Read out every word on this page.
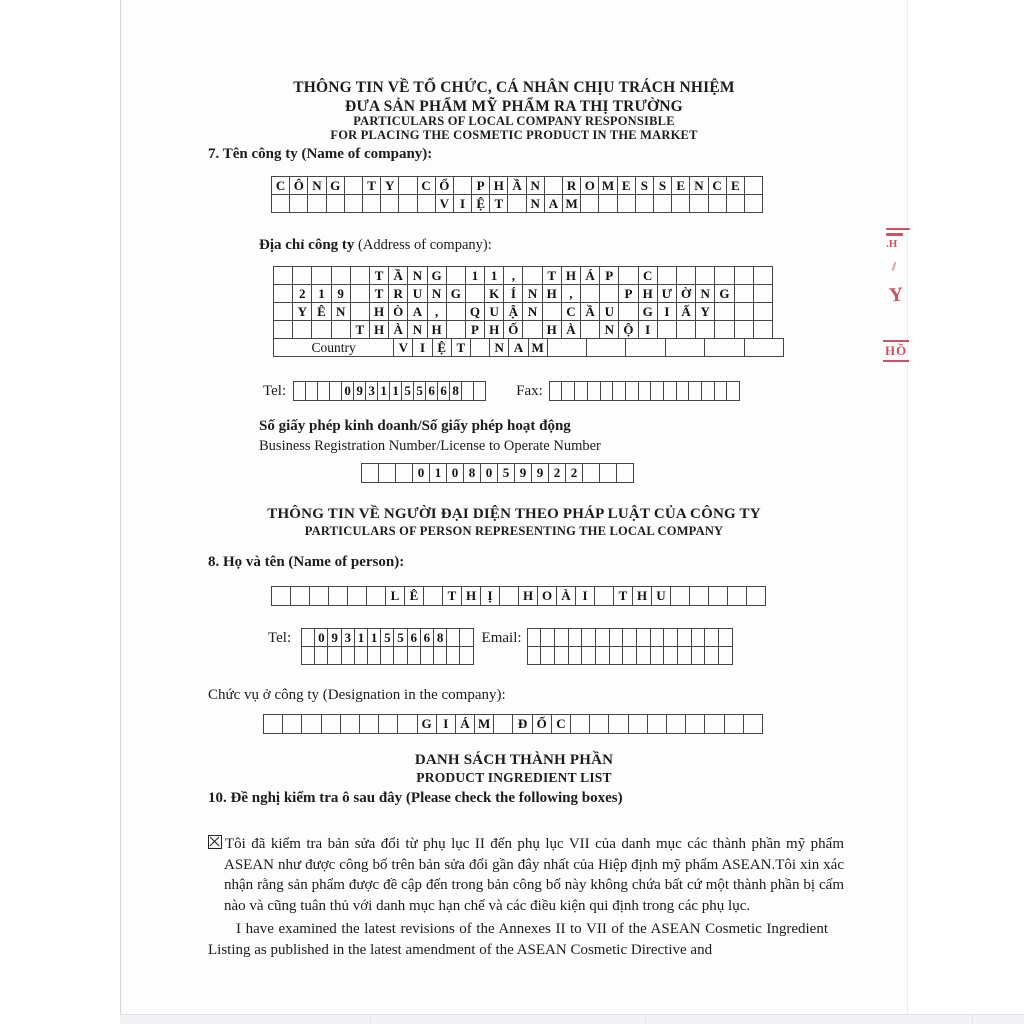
THÔNG TIN VỀ TỔ CHỨC, CÁ NHÂN CHỊU TRÁCH NHIỆM
ĐƯA SẢN PHẨM MỸ PHẨM RA THỊ TRƯỜNG
PARTICULARS OF LOCAL COMPANY RESPONSIBLE
FOR PLACING THE COSMETIC PRODUCT IN THE MARKET
7. Tên công ty (Name of company):
C Ô N G	T Y	C Ổ	P H Ầ N	R O M E S S E N C E
V I Ệ T	N A M
Địa chỉ công ty (Address of company):
T Ầ N G	1 1	,	T H Á P	C
2 1 9	T R U N G	K Í N H ,	P H Ư Ờ N G
Y Ê N	H Ò A ,	Q U Ậ N	C Ầ U	G I Ấ Y
T H À N H	P H Ố	H À	N Ộ I
Country	V I Ệ T	N A M
Tel:	0 9 3 1 1 5 5 6 6 8	Fax:
Số giấy phép kinh doanh/Số giấy phép hoạt động
Business Registration Number/License to Operate Number
0 1 0 8 0 5 9 9 2 2
THÔNG TIN VỀ NGƯỜI ĐẠI DIỆN THEO PHÁP LUẬT CỦA CÔNG TY
PARTICULARS OF PERSON REPRESENTING THE LOCAL COMPANY
8. Họ và tên (Name of person):
L Ê	T H Ị	H O À I	T H U
Tel: 0 9 3 1 1 5 5 6 6 8	Email:
Chức vụ ở công ty (Designation in the company):
G I Á M	Đ Ố C
DANH SÁCH THÀNH PHẦN
PRODUCT INGREDIENT LIST
10. Đề nghị kiểm tra ô sau đây (Please check the following boxes)

Tôi đã kiểm tra bản sửa đổi từ phụ lục II đến phụ lục VII của danh mục các thành phần mỹ phẩm ASEAN như được công bố trên bản sửa đổi gần đây nhất của Hiệp định mỹ phẩm ASEAN.Tôi xin xác nhận rằng sản phẩm được đề cập đến trong bản công bố này không chứa bất cứ một thành phần bị cấm nào và cũng tuân thủ với danh mục hạn chế và các điều kiện qui định trong các phụ lục.

I have examined the latest revisions of the Annexes II to VII of the ASEAN Cosmetic Ingredient Listing as published in the latest amendment of the ASEAN Cosmetic Directive and

.H
Y
HỒ
